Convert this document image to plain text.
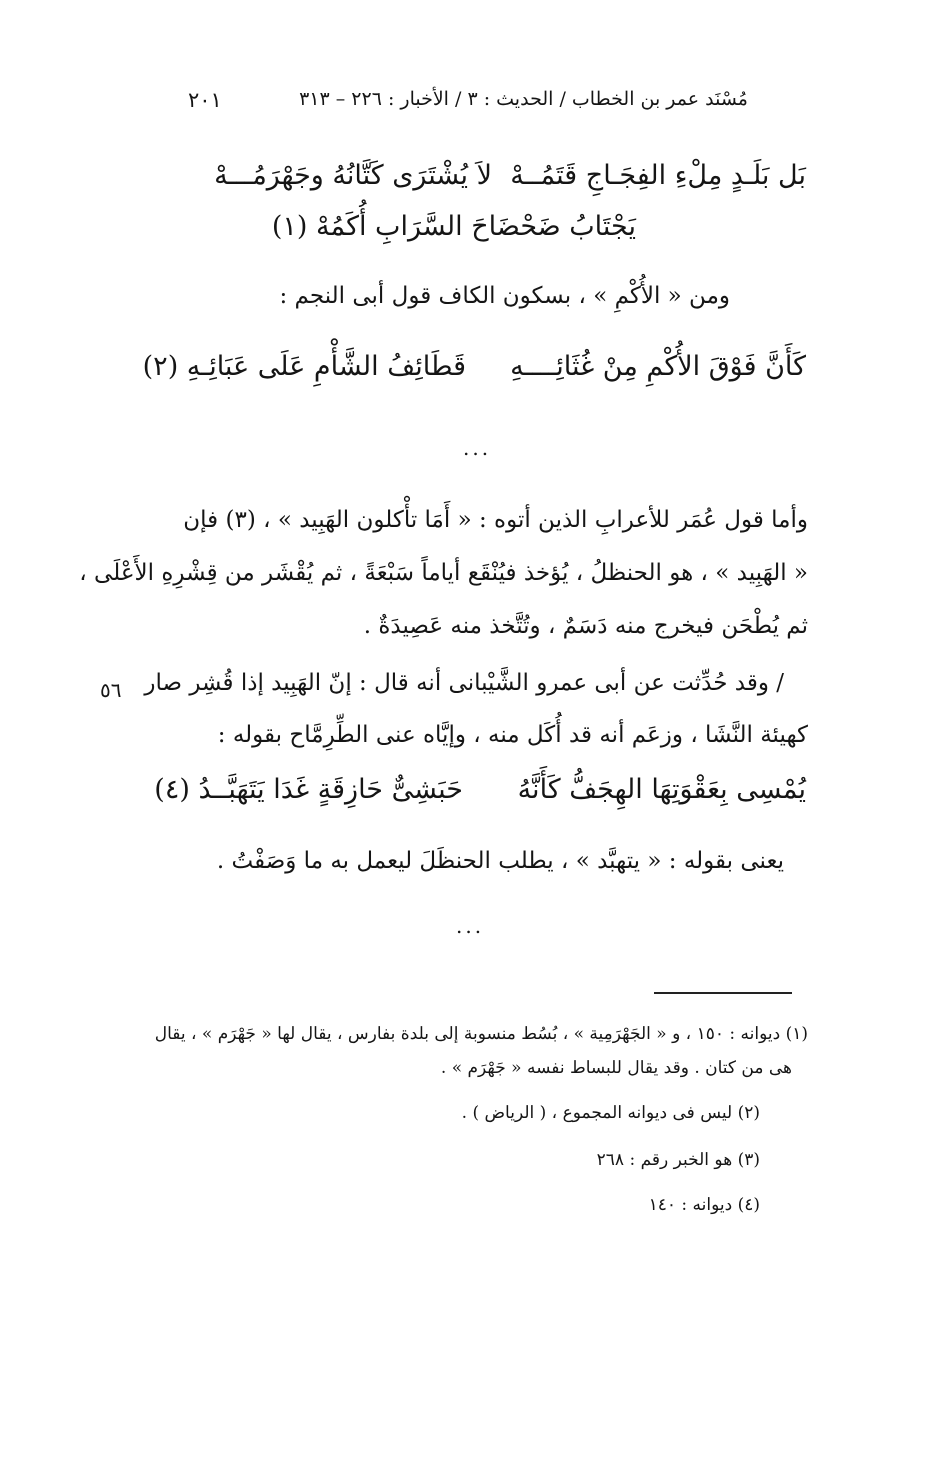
مُسْنَد عمر بن الخطاب / الحديث : ٣ / الأخبار : ٢٢٦ – ٣١٣
٢٠١
بَل بَلَـدٍ مِلْءِ الفِجَـاجِ قَتَمُــهْ
لاَ يُشْتَرَى كَتَّانُهُ وجَهْرَمُـــهْ
يَجْتَابُ ضَحْضَاحَ السَّرَابِ أُكَمُهْ (١)
ومن « الأُكْمِ » ، بسكون الكاف قول أبى النجم :
كَأَنَّ فَوْقَ الأُكْمِ مِنْ غُثَائِــــهِ
قَطَائِفُ الشَّأْمِ عَلَى عَبَائِـهِ (٢)
...
وأما قول عُمَر للأعرابِ الذين أتوه : « أَمَا تأْكلون الهَبِيد » ، (٣) فإن
« الهَبِيد » ، هو الحنظلُ ، يُؤخذ فيُنْقَع أياماً سَبْعَةً ، ثم يُقْشَر من قِشْرِهِ الأَعْلَى ،
ثم يُطْحَن فيخرج منه دَسَمٌ ، وتُتَّخذ منه عَصِيدَةٌ .
/ وقد حُدِّثت عن أبى عمرو الشَّيْبانى أنه قال : إنّ الهَبِيد إذا قُشِر صار
٥٦
كهيئة النَّشَا ، وزعَم أنه قد أُكَل منه ، وإيَّاه عنى الطِّرِمَّاح بقوله :
يُمْسِى بِعَقْوَتِهَا الهِجَفُّ كَأَنَّهُ
حَبَشِىٌّ حَازِقَةٍ غَدَا يَتَهَبَّــدُ (٤)
يعنى بقوله : « يتهبَّد » ، يطلب الحنظَلَ ليعمل به ما وَصَفْتُ .
...
(١) ديوانه : ١٥٠ ، و « الجَهْرَمِية » ، بُسُط منسوبة إلى بلدة بفارس ، يقال لها « جَهْرَم » ، يقال
هى من كتان . وقد يقال للبساط نفسه « جَهْرَم » .
(٢) ليس فى ديوانه المجموع ، ( الرياض ) .
(٣) هو الخبر رقم : ٢٦٨
(٤) ديوانه : ١٤٠
